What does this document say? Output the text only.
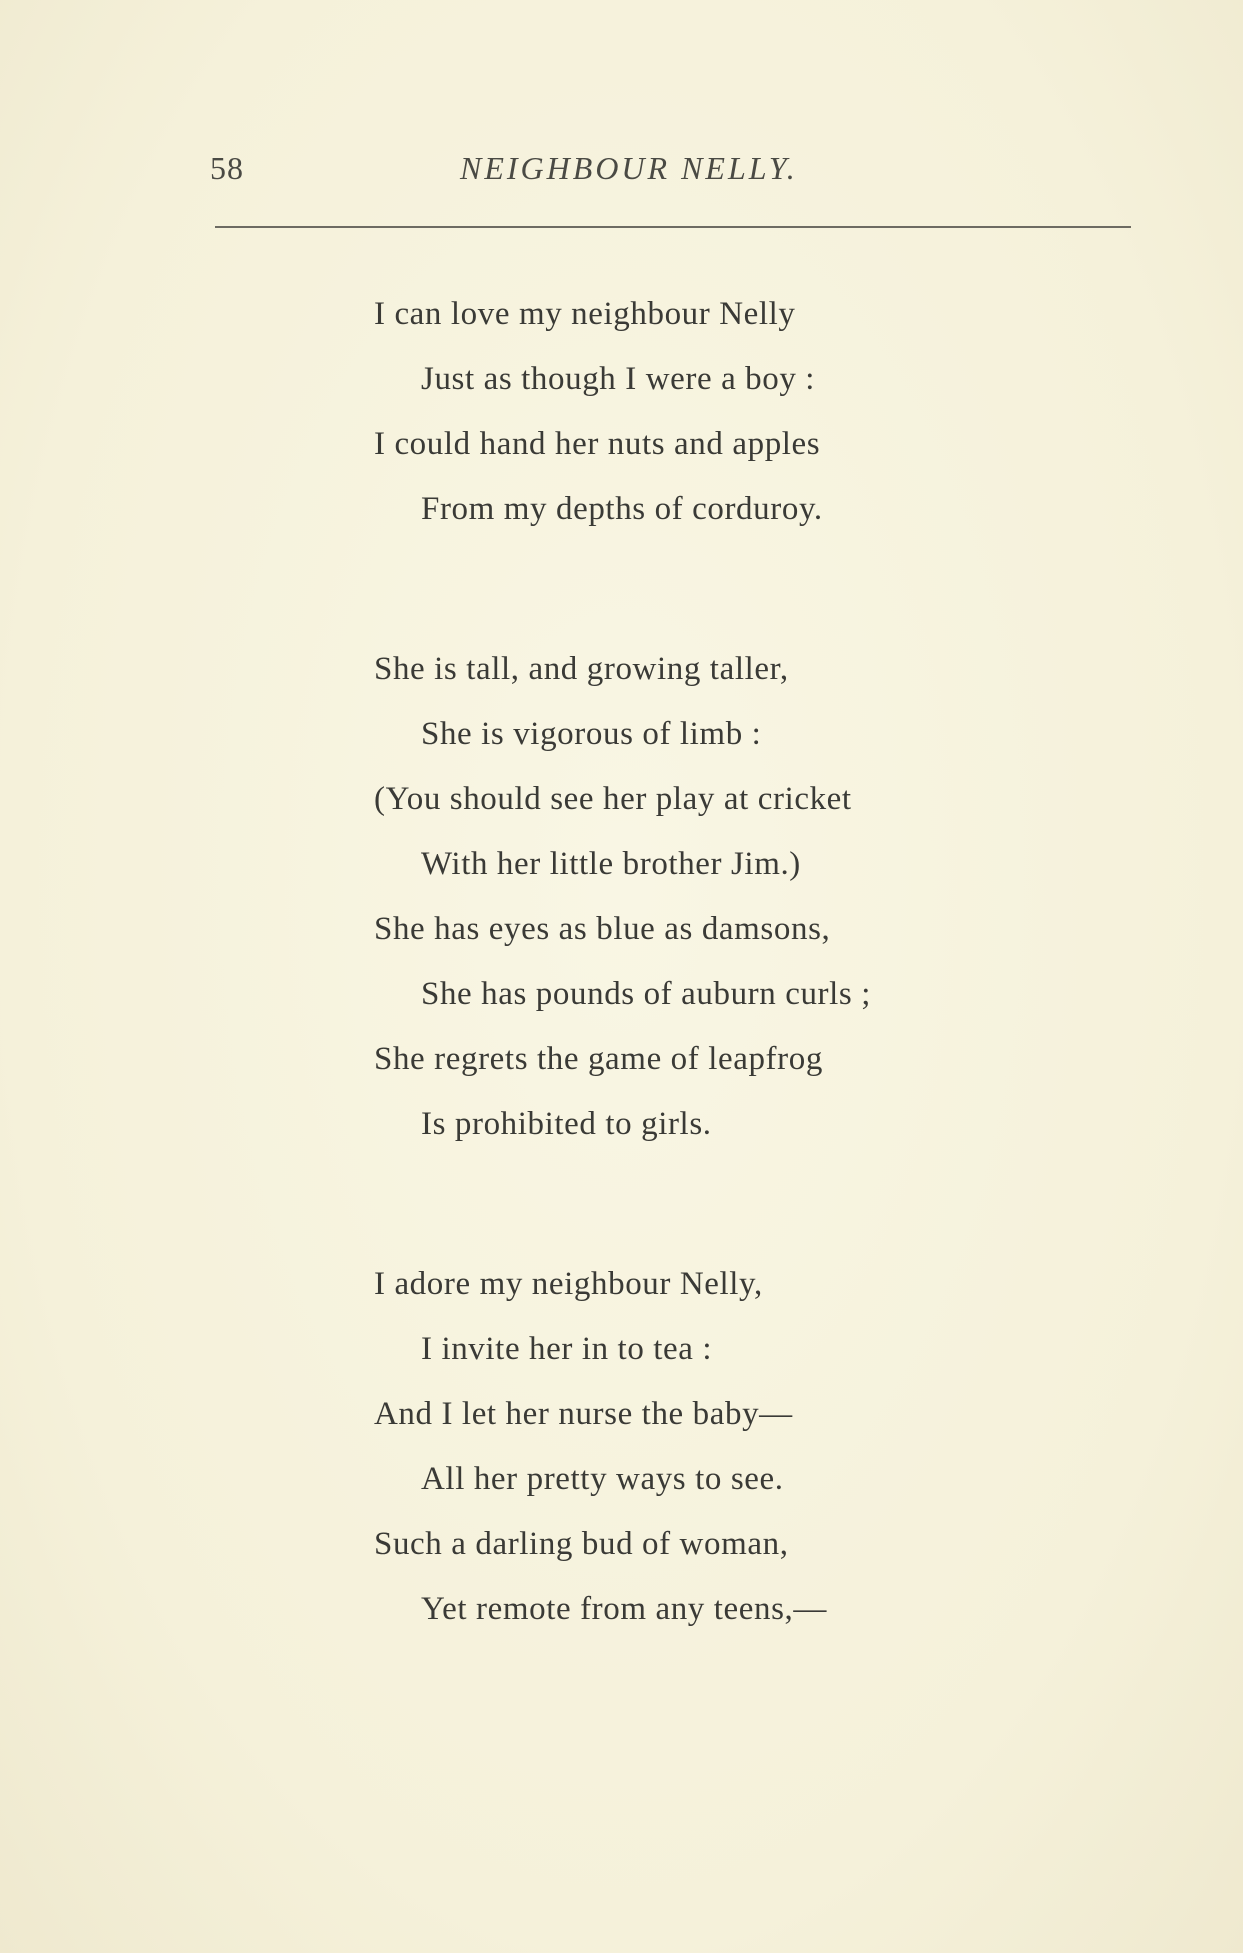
58	NEIGHBOUR NELLY.
I can love my neighbour Nelly
Just as though I were a boy :
I could hand her nuts and apples
From my depths of corduroy.
She is tall, and growing taller,
She is vigorous of limb :
(You should see her play at cricket
With her little brother Jim.)
She has eyes as blue as damsons,
She has pounds of auburn curls ;
She regrets the game of leapfrog
Is prohibited to girls.
I adore my neighbour Nelly,
I invite her in to tea :
And I let her nurse the baby—
All her pretty ways to see.
Such a darling bud of woman,
Yet remote from any teens,—
